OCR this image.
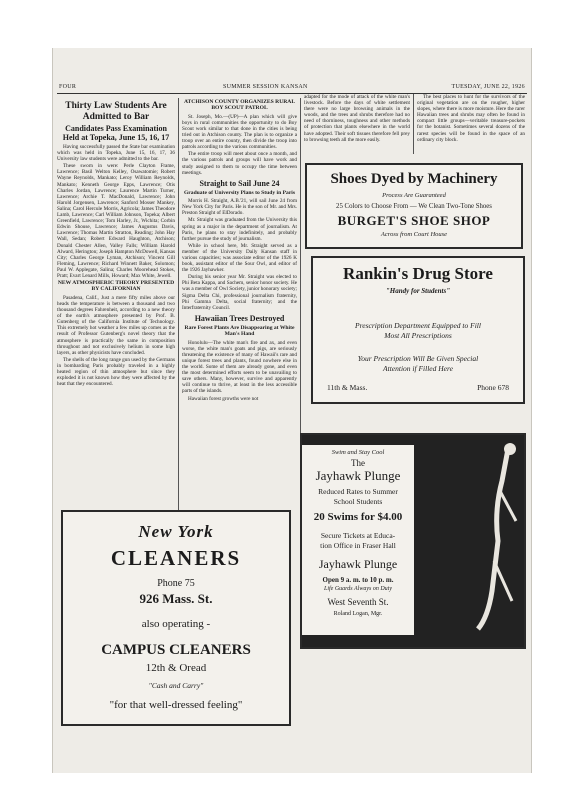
FOUR	SUMMER SESSION KANSAN	TUESDAY, JUNE 22, 1926
Thirty Law Students Are Admitted to Bar
Candidates Pass Examination Held at Topeka, June 15, 16, 17

Having successfully passed the State bar examination which was held in Topeka, June 15, 16, 17, 36 University law students were admitted to the bar.

These sworn in were: Perle Clayton Frame, Lawrence; Basil Welton Kelley, Osawatomie; Robert Wayne Reynolds, Mankato; Leroy William Reynolds, Mankato; Kenneth George Epps, Lawrence; Otis Charles Jordan, Lawrence; Laurence Martin Turner, Lawrence; Archie T. MacDonald, Lawrence; John Harold Jorgensen, Lawrence; Sanford Mosser Mankey, Salina; Carol Hercule Morris, Agricola; James Theodore Lamb, Lawrence; Carl William Johnson, Topeka; Albert Greenfield, Lawrence; Tom Harley, Jr., Wichita; Corbin Edwin Shouse, Lawrence; James Augustus Davis, Lawrence; Thomas Martin Stratton, Reading; John Hay Wall, Sedan; Robert Edward Haughton, Atchison; Donald Chester Allen, Valley Falls; William Harold Alward, Herington; Joseph Hampton McDowell, Kansas City; Charles George Lyman, Atchison; Vincent Gill Fleming, Lawrence; Richard Winnett Baker, Solomon; Paul W. Applegate, Salina; Charles Moorehead Stokes, Pratt; Evart Lenard Mills, Howard; Max White, Jewell.

NEW ATMOSPHERIC THEORY PRESENTED BY CALIFORNIAN

Pasadena, Calif., Just a mere fifty miles above our heads the temperature is between a thousand and two thousand degrees Fahrenheit, according to a new theory of the earth's atmosphere presented by Prof. B. Gutenberg of the California Institute of Technology. This extremely hot weather a few miles up comes as the result of Professor Gutenberg's novel theory that the atmosphere is practically the same in composition throughout and not exclusively helium in some high layers, as other physicists have concluded.

The shells of the long range gun used by the Germans in bombarding Paris probably traveled in a highly heated region of thin atmosphere but since they exploded it is not known how they were affected by the heat that they encountered.

ATCHISON COUNTY ORGANIZES RURAL BOY SCOUT PATROL

St. Joseph, Mo.—(UP)—A plan which will give boys in rural communities the opportunity to do Boy Scout work similar to that done in the cities is being tried out in Atchison county. The plan is to organize a troop over an entire county, then divide the troop into patrols according to the various communities.

The entire troop will meet about once a month, and the various patrols and groups will have work and study assigned to them to occupy the time between meetings.

Straight to Sail June 24
Graduate of University Plans to Study in Paris

Morris H. Straight, A.B.'21, will sail June 24 from New York City for Paris. He is the son of Mr. and Mrs. Preston Straight of ElDorado.

Mr. Straight was graduated from the University this spring as a major in the department of journalism. At Paris, he plans to stay indefinitely, and probably further pursue the study of journalism.

While in school here, Mr. Straight served as a member of the University Daily Kansan staff in various capacities; was associate editor of the 1926 K book, assistant editor of the Sour Owl, and editor of the 1926 Jayhawker.

During his senior year Mr. Straight was elected to Phi Beta Kappa, and Sachem, senior honor society. He was a member of Owl Society, junior honorary society; Sigma Delta Chi, professional journalism fraternity, Phi Gamma Delta, social fraternity; and the Interfraternity Council.

Hawaiian Trees Destroyed
Rare Forest Plants Are Disappearing at White Man's Hand

Honolulu—The white man's fire and ax, and even worse, the white man's goats and pigs, are seriously threatening the existence of many of Hawaii's rare and unique forest trees and plants, found nowhere else in the world. Some of them are already gone, and even the most determined efforts seem to be unavailing to save others. Many, however, survive and apparently will continue to thrive, at least in the less accessible parts of the islands.

Hawaiian forest growths were not

adapted for the mode of attack of the white man's livestock. Before the days of white settlement there were no large browsing animals in the woods, and the trees and shrubs therefore had no need of thorniness, toughness and other methods of protection that plants elsewhere in the world have adopted. Their soft tissues therefore fell prey to browsing teeth all the more easily.

The best places to hunt for the survivors of the original vegetation are on the rougher, higher slopes, where there is more moisture. Here the rarer Hawaiian trees and shrubs may often be found in compact little groups—veritable treasure-pockets for the botanist. Sometimes several dozens of the rarest species will be found in the space of an ordinary city block.

Shoes Dyed by Machinery
Process Are Guaranteed
25 Colors to Choose From — We Clean Two-Tone Shoes
BURGET'S SHOE SHOP
Across from Court House
Rankin's Drug Store
"Handy for Students"
Prescription Department Equipped to Fill
Most All Prescriptions
Your Prescription Will Be Given Special
Attention if Filled Here
11th & Mass.	Phone 678
Swim and Stay Cool
The
Jayhawk Plunge
Reduced Rates to Summer
School Students
20 Swims for $4.00
Secure Tickets at Educa-
tion Office in Fraser Hall
Jayhawk Plunge
Open 9 a. m. to 10 p. m.
Life Guards Always on Duty
West Seventh St.
Roland Logan, Mgr.
New York
CLEANERS
Phone 75
926 Mass. St.
also operating -
CAMPUS CLEANERS
12th & Oread
"Cash and Carry"
"for that well-dressed feeling"
